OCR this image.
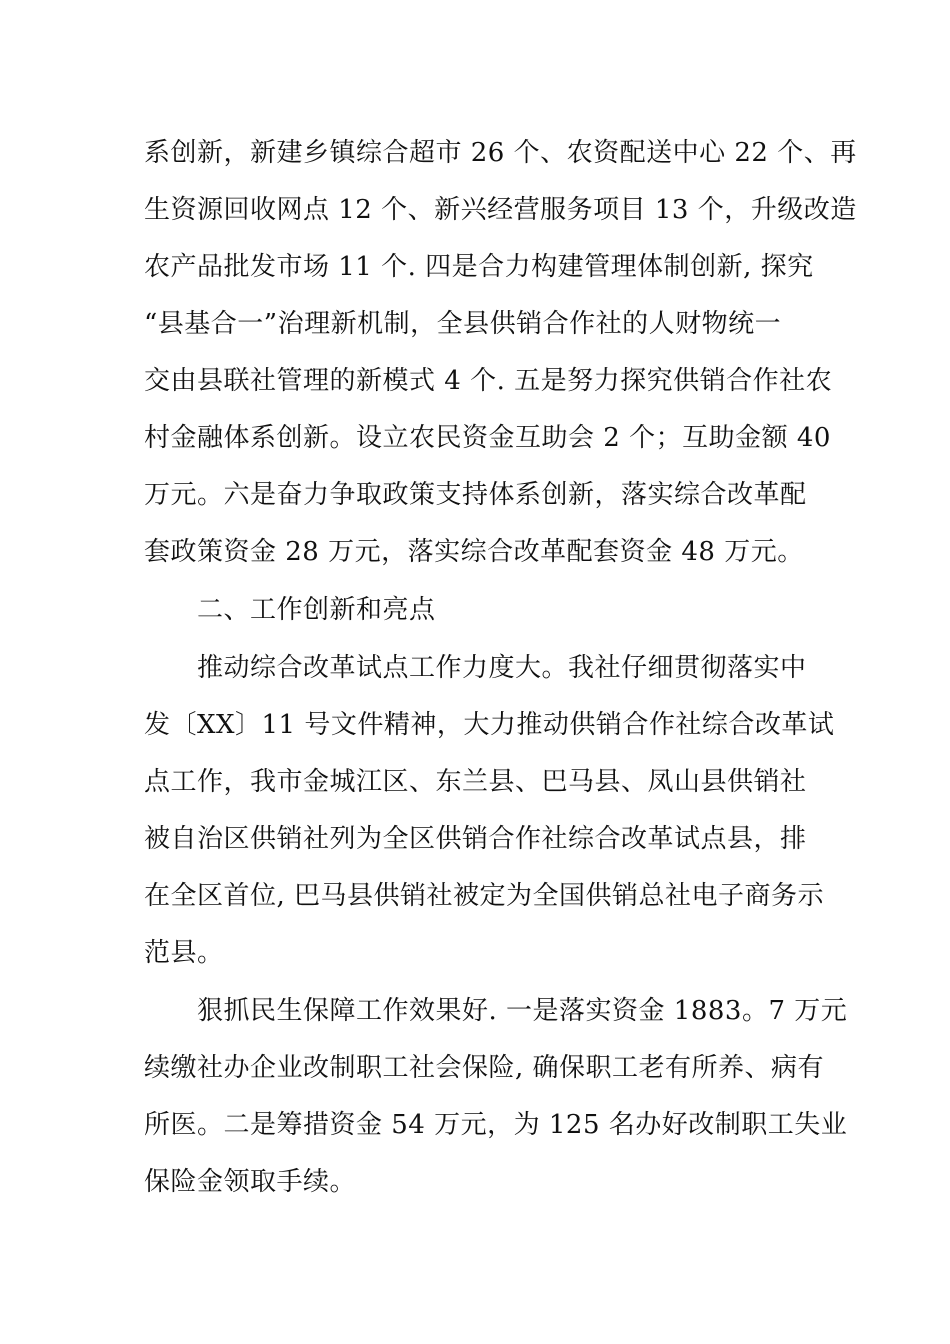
系创新，新建乡镇综合超市 26 个、农资配送中心 22 个、再
生资源回收网点 12 个、新兴经营服务项目 13 个，升级改造
农产品批发市场 11 个. 四是合力构建管理体制创新, 探究
“县基合一”治理新机制，全县供销合作社的人财物统一
交由县联社管理的新模式 4 个. 五是努力探究供销合作社农
村金融体系创新。设立农民资金互助会 2 个；互助金额 40
万元。六是奋力争取政策支持体系创新，落实综合改革配
套政策资金 28 万元，落实综合改革配套资金 48 万元。
二、工作创新和亮点
推动综合改革试点工作力度大。我社仔细贯彻落实中
发〔XX〕11 号文件精神，大力推动供销合作社综合改革试
点工作，我市金城江区、东兰县、巴马县、凤山县供销社
被自治区供销社列为全区供销合作社综合改革试点县，排
在全区首位, 巴马县供销社被定为全国供销总社电子商务示
范县。
狠抓民生保障工作效果好. 一是落实资金 1883。7 万元
续缴社办企业改制职工社会保险, 确保职工老有所养、病有
所医。二是筹措资金 54 万元，为 125 名办好改制职工失业
保险金领取手续。
